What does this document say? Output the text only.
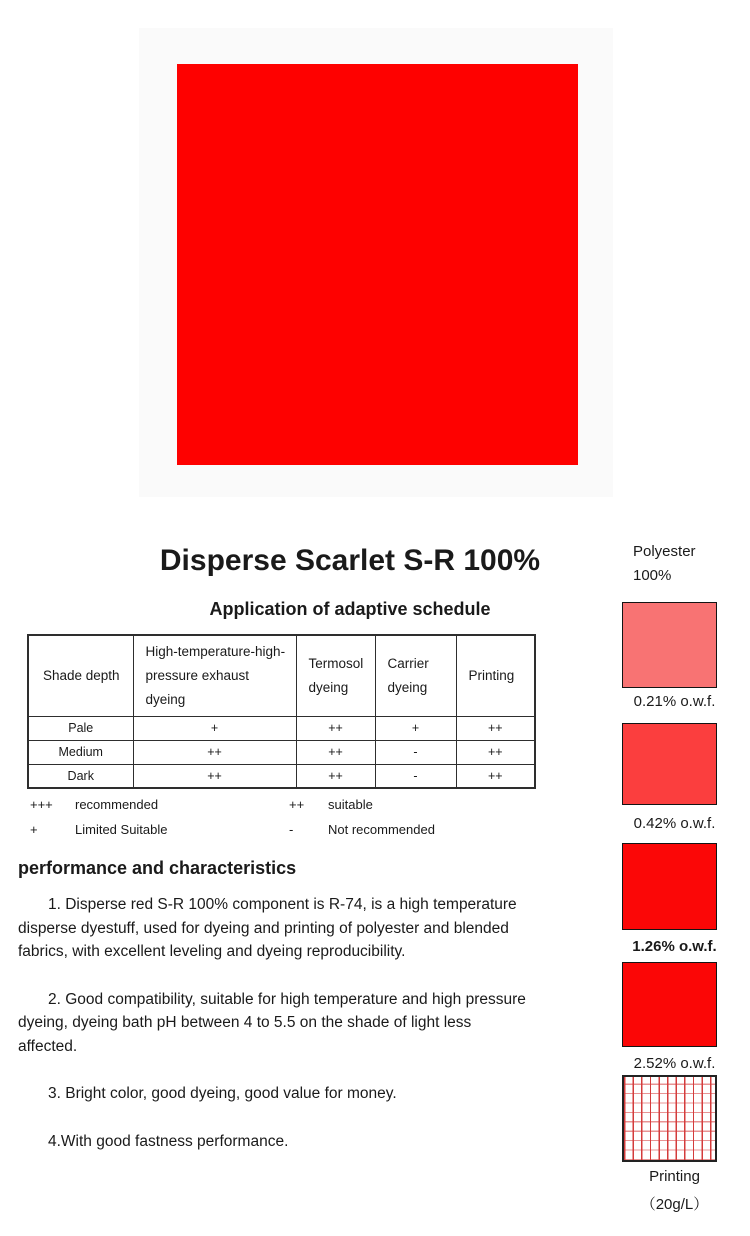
Disperse Scarlet S-R 100%
Application of adaptive schedule
Shade depth	High-temperature-high-pressure exhaust dyeing	Termosol dyeing	Carrier dyeing	Printing
Pale	+	++	+	++
Medium	++	++	-	++
Dark	++	++	-	++
+++	recommended	++	suitable
+	Limited Suitable	-	Not recommended
performance and characteristics

1. Disperse red S-R 100% component is R-74, is a high temperature disperse dyestuff, used for dyeing and printing of polyester and blended fabrics, with excellent leveling and dyeing reproducibility.

2. Good compatibility, suitable for high temperature and high pressure dyeing, dyeing bath pH between 4 to 5.5 on the shade of light less affected.

3. Bright color, good dyeing, good value for money.

4.With good fastness performance.

Polyester
100%
0.21% o.w.f.
0.42% o.w.f.
1.26% o.w.f.
2.52% o.w.f.
Printing
（20g/L）
